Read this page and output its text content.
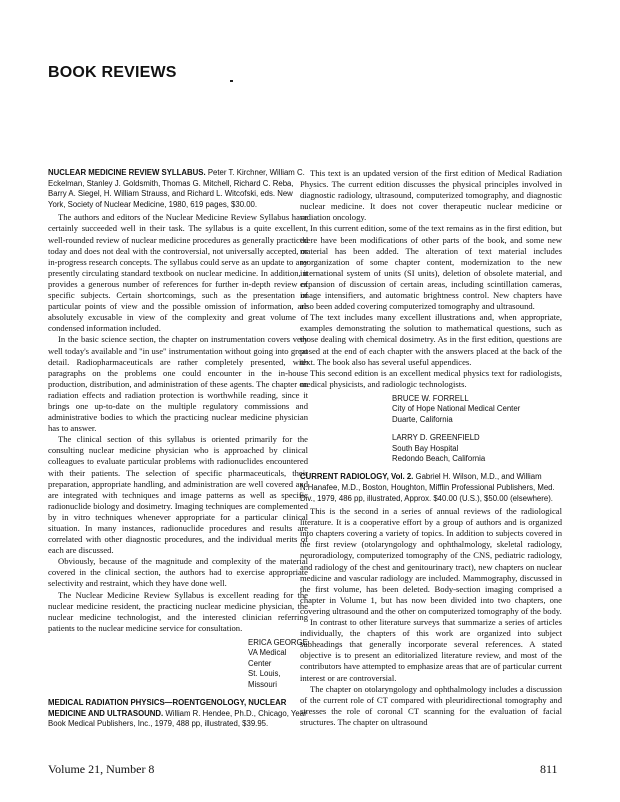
BOOK REVIEWS
NUCLEAR MEDICINE REVIEW SYLLABUS. Peter T. Kirchner, William C. Eckelman, Stanley J. Goldsmith, Thomas G. Mitchell, Richard C. Reba, Barry A. Siegel, H. William Strauss, and Richard L. Witcofski, eds. New York, Society of Nuclear Medicine, 1980, 619 pages, $30.00.

The authors and editors of the Nuclear Medicine Review Syllabus have certainly succeeded well in their task. The syllabus is a quite excellent, well-rounded review of nuclear medicine procedures as generally practiced today and does not deal with the controversial, not universally accepted, or in-progress research concepts. The syllabus could serve as an update to any presently circulating standard textbook on nuclear medicine. In addition, it provides a generous number of references for further in-depth review of specific subjects. Certain shortcomings, such as the presentation of particular points of view and the possible omission of information, are absolutely excusable in view of the complexity and great volume of condensed information included.

In the basic science section, the chapter on instrumentation covers very well today's available and "in use" instrumentation without going into great detail. Radiopharmaceuticals are rather completely presented, with paragraphs on the problems one could encounter in the in-house production, distribution, and administration of these agents. The chapter on radiation effects and radiation protection is worthwhile reading, since it brings one up-to-date on the multiple regulatory commissions and administrative bodies to which the practicing nuclear medicine physician has to answer.

The clinical section of this syllabus is oriented primarily for the consulting nuclear medicine physician who is approached by clinical colleagues to evaluate particular problems with radionuclides encountered with their patients. The selection of specific pharmaceuticals, their preparation, appropriate handling, and administration are well covered and are integrated with techniques and image patterns as well as specific radionuclide biology and dosimetry. Imaging techniques are complemented by in vitro techniques whenever appropriate for a particular clinical situation. In many instances, radionuclide procedures and results are correlated with other diagnostic procedures, and the individual merits of each are discussed.

Obviously, because of the magnitude and complexity of the material covered in the clinical section, the authors had to exercise appropriate selectivity and restraint, which they have done well.

The Nuclear Medicine Review Syllabus is excellent reading for the nuclear medicine resident, the practicing nuclear medicine physician, the nuclear medicine technologist, and the interested clinician referring patients to the nuclear medicine service for consultation.

ERICA GEORGE
VA Medical Center
St. Louis, Missouri
MEDICAL RADIATION PHYSICS—ROENTGENOLOGY, NUCLEAR MEDICINE AND ULTRASOUND. William R. Hendee, Ph.D., Chicago, Year Book Medical Publishers, Inc., 1979, 488 pp, illustrated, $39.95.

This text is an updated version of the first edition of Medical Radiation Physics. The current edition discusses the physical principles involved in diagnostic radiology, ultrasound, computerized tomography, and diagnostic nuclear medicine. It does not cover therapeutic nuclear medicine or radiation oncology.

In this current edition, some of the text remains as in the first edition, but there have been modifications of other parts of the book, and some new material has been added. The alteration of text material includes reorganization of some chapter content, modernization to the new international system of units (SI units), deletion of obsolete material, and expansion of discussion of certain areas, including scintillation cameras, image intensifiers, and automatic brightness control. New chapters have also been added covering computerized tomography and ultrasound.

The text includes many excellent illustrations and, when appropriate, examples demonstrating the solution to mathematical questions, such as those dealing with chemical dosimetry. As in the first edition, questions are posed at the end of each chapter with the answers placed at the back of the text. The book also has several useful appendices.

This second edition is an excellent medical physics text for radiologists, medical physicists, and radiologic technologists.

BRUCE W. FORRELL
City of Hope National Medical Center
Duarte, California
LARRY D. GREENFIELD
South Bay Hospital
Redondo Beach, California
CURRENT RADIOLOGY, Vol. 2. Gabriel H. Wilson, M.D., and William N.Hanafee, M.D., Boston, Houghton, Mifflin Professional Publishers, Med. Div., 1979, 486 pp, illustrated, Approx. $40.00 (U.S.), $50.00 (elsewhere).

This is the second in a series of annual reviews of the radiological literature. It is a cooperative effort by a group of authors and is organized into chapters covering a variety of topics. In addition to subjects covered in the first review (otolaryngology and ophthalmology, skeletal radiology, neuroradiology, computerized tomography of the CNS, pediatric radiology, and radiology of the chest and genitourinary tract), new chapters on nuclear medicine and vascular radiology are included. Mammography, discussed in the first volume, has been deleted. Body-section imaging comprised a chapter in Volume 1, but has now been divided into two chapters, one covering ultrasound and the other on computerized tomography of the body.

In contrast to other literature surveys that summarize a series of articles individually, the chapters of this work are organized into subject subheadings that generally incorporate several references. A stated objective is to present an editorialized literature review, and most of the contributors have attempted to emphasize areas that are of particular current interest or are controversial.

The chapter on otolaryngology and ophthalmology includes a discussion of the current role of CT compared with pleuridirectional tomography and stresses the role of coronal CT scanning for the evaluation of facial structures. The chapter on ultrasound

Volume 21, Number 8	811
